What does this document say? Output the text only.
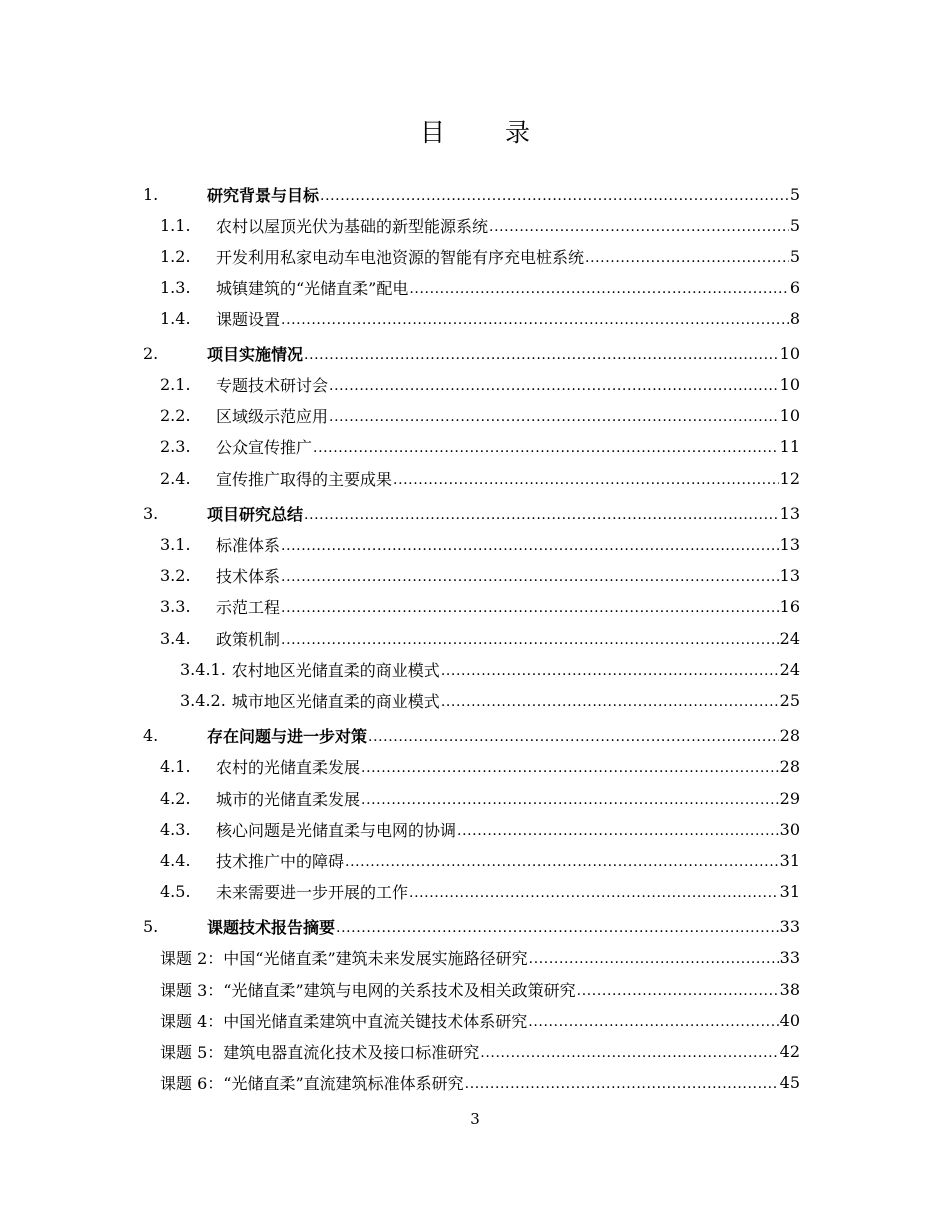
目 录
1.	研究背景与目标 .....	5
1.1.	农村以屋顶光伏为基础的新型能源系统 .....	5
1.2.	开发利用私家电动车电池资源的智能有序充电桩系统 .....	5
1.3.	城镇建筑的“光储直柔”配电 .....	6
1.4.	课题设置 .....	8
2.	项目实施情况 .....	10
2.1.	专题技术研讨会 .....	10
2.2.	区域级示范应用 .....	10
2.3.	公众宣传推广 .....	11
2.4.	宣传推广取得的主要成果 .....	12
3.	项目研究总结 .....	13
3.1.	标准体系 .....	13
3.2.	技术体系 .....	13
3.3.	示范工程 .....	16
3.4.	政策机制 .....	24
3.4.1. 农村地区光储直柔的商业模式 .....	24
3.4.2. 城市地区光储直柔的商业模式 .....	25
4.	存在问题与进一步对策 .....	28
4.1.	农村的光储直柔发展 .....	28
4.2.	城市的光储直柔发展 .....	29
4.3.	核心问题是光储直柔与电网的协调 .....	30
4.4.	技术推广中的障碍 .....	31
4.5.	未来需要进一步开展的工作 .....	31
5.	课题技术报告摘要 .....	33
课题 2： 中国“光储直柔”建筑未来发展实施路径研究 .....	33
课题 3： “光储直柔”建筑与电网的关系技术及相关政策研究 .....	38
课题 4： 中国光储直柔建筑中直流关键技术体系研究 .....	40
课题 5： 建筑电器直流化技术及接口标准研究 .....	42
课题 6： “光储直柔”直流建筑标准体系研究 .....	45
3
